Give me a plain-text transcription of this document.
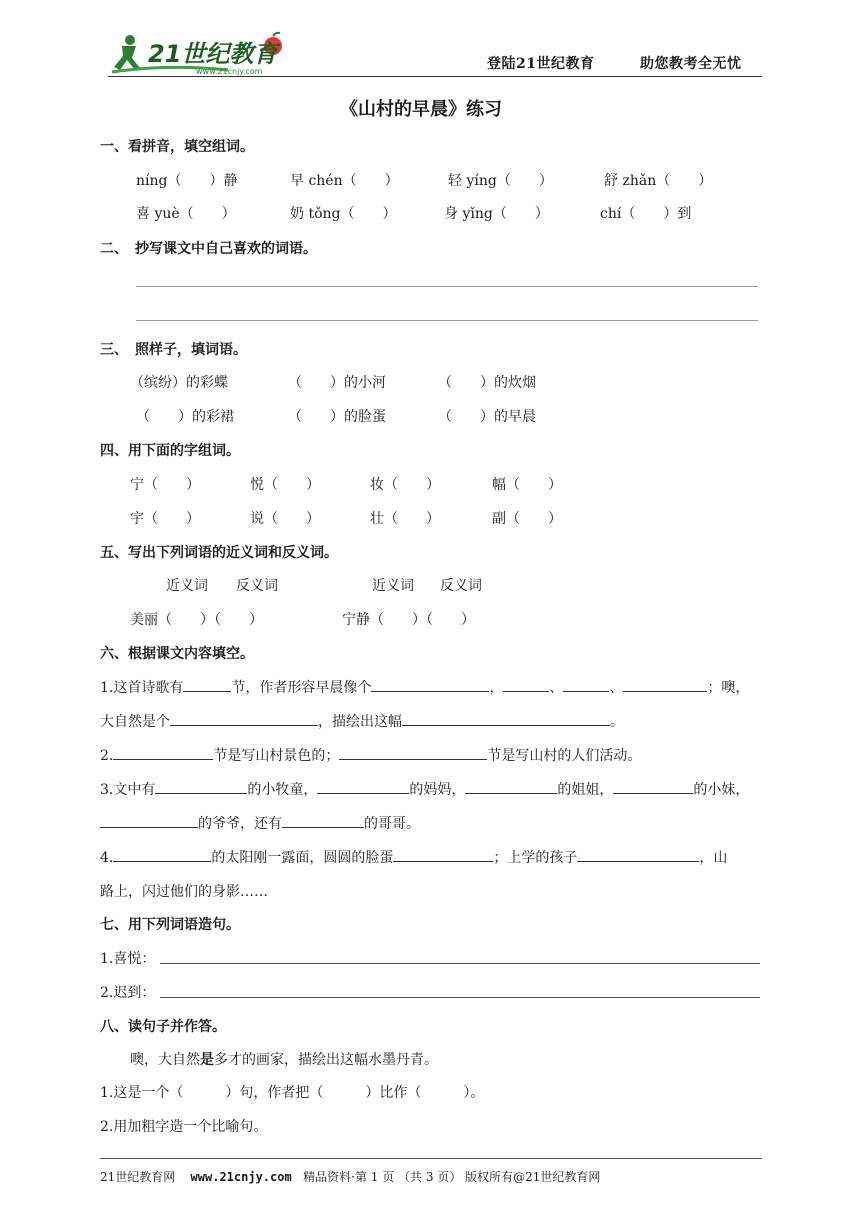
21世纪教育
www.21cnjy.com	登陆21世纪教育	助您教考全无忧
《山村的早晨》练习
一、看拼音，填空组词。
níng（　　）静	早 chén（　　）	轻 yíng（　　）	舒 zhǎn（　　）
喜 yuè（　　）	奶 tǒng（　　）	身 yǐng（　　）	chí（　　）到
二、　抄写课文中自己喜欢的词语。
三、　照样子，填词语。
（缤纷）的彩蝶	（　　）的小河	（　　）的炊烟
（　　）的彩裙	（　　）的脸蛋	（　　）的早晨
四、用下面的字组词。
宁（　　）	悦（　　）	妆（　　）	幅（　　）
宇（　　）	说（　　）	壮（　　）	副（　　）
五、写出下列词语的近义词和反义词。
近义词 反义词	近义词 反义词
美丽（　　）（　　）	宁静（　　）（　　）
六、根据课文内容填空。
1.这首诗歌有	节，作者形容早晨像个	，	、	、	；噢，
大自然是个	，描绘出这幅	。
2.	节是写山村景色的；	节是写山村的人们活动。
3.文中有	的小牧童，	的妈妈，	的姐姐，	的小妹，
的爷爷，还有	的哥哥。
4.	的太阳刚一露面，圆圆的脸蛋	；上学的孩子	，山
路上，闪过他们的身影……
七、用下列词语造句。
1.喜悦：
2.迟到：
八、读句子并作答。
噢，大自然是多才的画家，描绘出这幅水墨丹青。
1.这是一个（　　　）句，作者把（　　　）比作（　　　）。
2.用加粗字造一个比喻句。
21世纪教育网 www.21cnjy.com 精品资料·第 1 页 （共 3 页） 版权所有@21世纪教育网
